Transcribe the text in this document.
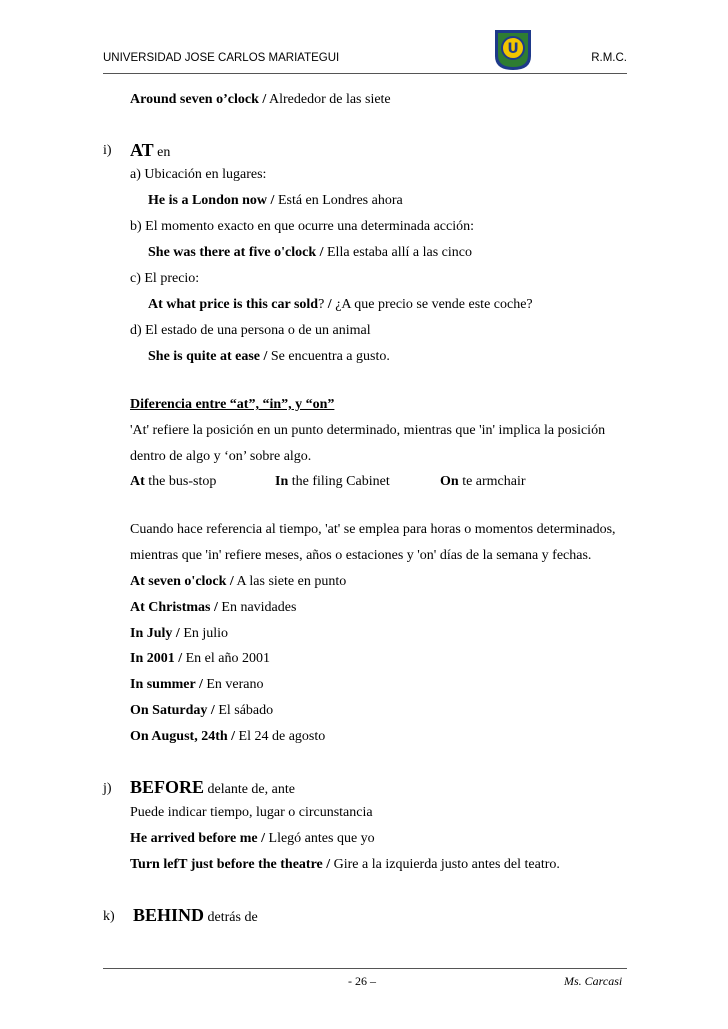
UNIVERSIDAD JOSE CARLOS MARIATEGUI	R.M.C.
U
Around seven o’clock / Alrededor de las siete
i) AT en
a) Ubicación en lugares:
He is a London now / Está en Londres ahora
b) El momento exacto en que ocurre una determinada acción:
She was there at five o'clock / Ella estaba allí a las cinco
c) El precio:
At what price is this car sold? / ¿A que precio se vende este coche?
d) El estado de una persona o de un animal
She is quite at ease / Se encuentra a gusto.
Diferencia entre “at”, “in”, y “on”
'At' refiere la posición en un punto determinado, mientras que 'in' implica la posición
dentro de algo y ‘on’ sobre algo.
At the bus-stop	In the filing Cabinet	On te armchair
Cuando hace referencia al tiempo, 'at' se emplea para horas o momentos determinados,
mientras que 'in' refiere meses, años o estaciones y 'on' días de la semana y fechas.
At seven o'clock / A las siete en punto
At Christmas / En navidades
In July / En julio
In 2001 / En el año 2001
In summer / En verano
On Saturday / El sábado
On August, 24th / El 24 de agosto
j) BEFORE delante de, ante
Puede indicar tiempo, lugar o circunstancia
He arrived before me / Llegó antes que yo
Turn lefT just before the theatre / Gire a la izquierda justo antes del teatro.
k) BEHIND detrás de
- 26 –	Ms. Carcasi
